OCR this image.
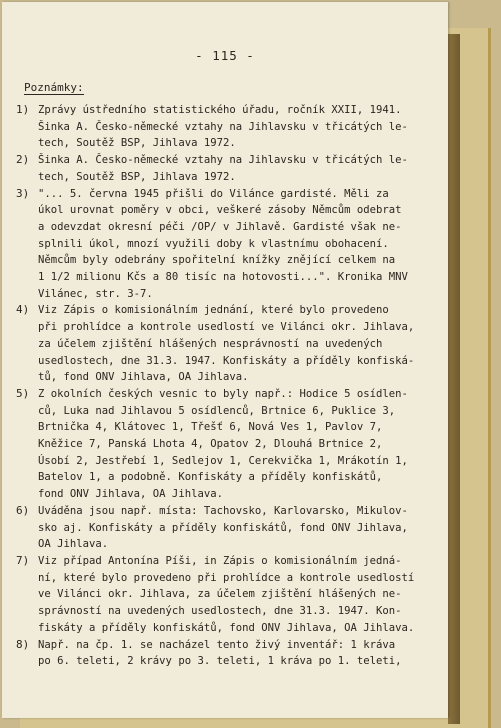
- 115 -
Poznámky:
1) Zprávy ústředního statistického úřadu, ročník XXII, 1941.
Šinka A. Česko-německé vztahy na Jihlavsku v třicátých le-
tech, Soutěž BSP, Jihlava 1972.
2) Šinka A. Česko-německé vztahy na Jihlavsku v třicátých le-
tech, Soutěž BSP, Jihlava 1972.
3) "... 5. června 1945 přišli do Vilánce gardisté. Měli za
úkol urovnat poměry v obci, veškeré zásoby Němcům odebrat
a odevzdat okresní péči /OP/ v Jihlavě. Gardisté však ne-
splnili úkol, mnozí využili doby k vlastnímu obohacení.
Němcům byly odebrány spořitelní knížky znějící celkem na
1 1/2 milionu Kčs a 80 tisíc na hotovosti...". Kronika MNV
Vilánec, str. 3-7.
4) Viz Zápis o komisionálním jednání, které bylo provedeno
při prohlídce a kontrole usedlostí ve Vilánci okr. Jihlava,
za účelem zjištění hlášených nesprávností na uvedených
usedlostech, dne 31.3. 1947. Konfiskáty a příděly konfiská-
tů, fond ONV Jihlava, OA Jihlava.
5) Z okolních českých vesnic to byly např.: Hodice 5 osídlen-
ců, Luka nad Jihlavou 5 osídlenců, Brtnice 6, Puklice 3,
Brtnička 4, Klátovec 1, Třešť 6, Nová Ves 1, Pavlov 7,
Kněžice 7, Panská Lhota 4, Opatov 2, Dlouhá Brtnice 2,
Úsobí 2, Jestřebí 1, Sedlejov 1, Cerekvička 1, Mrákotín 1,
Batelov 1, a podobně. Konfiskáty a příděly konfiskátů,
fond ONV Jihlava, OA Jihlava.
6) Uváděna jsou např. místa: Tachovsko, Karlovarsko, Mikulov-
sko aj. Konfiskáty a příděly konfiskátů, fond ONV Jihlava,
OA Jihlava.
7) Viz případ Antonína Píši, in Zápis o komisionálním jedná-
ní, které bylo provedeno při prohlídce a kontrole usedlostí
ve Vilánci okr. Jihlava, za účelem zjištění hlášených ne-
správností na uvedených usedlostech, dne 31.3. 1947. Kon-
fiskáty a příděly konfiskátů, fond ONV Jihlava, OA Jihlava.
8) Např. na čp. 1. se nacházel tento živý inventář: 1 kráva
po 6. teleti, 2 krávy po 3. teleti, 1 kráva po 1. teleti,
